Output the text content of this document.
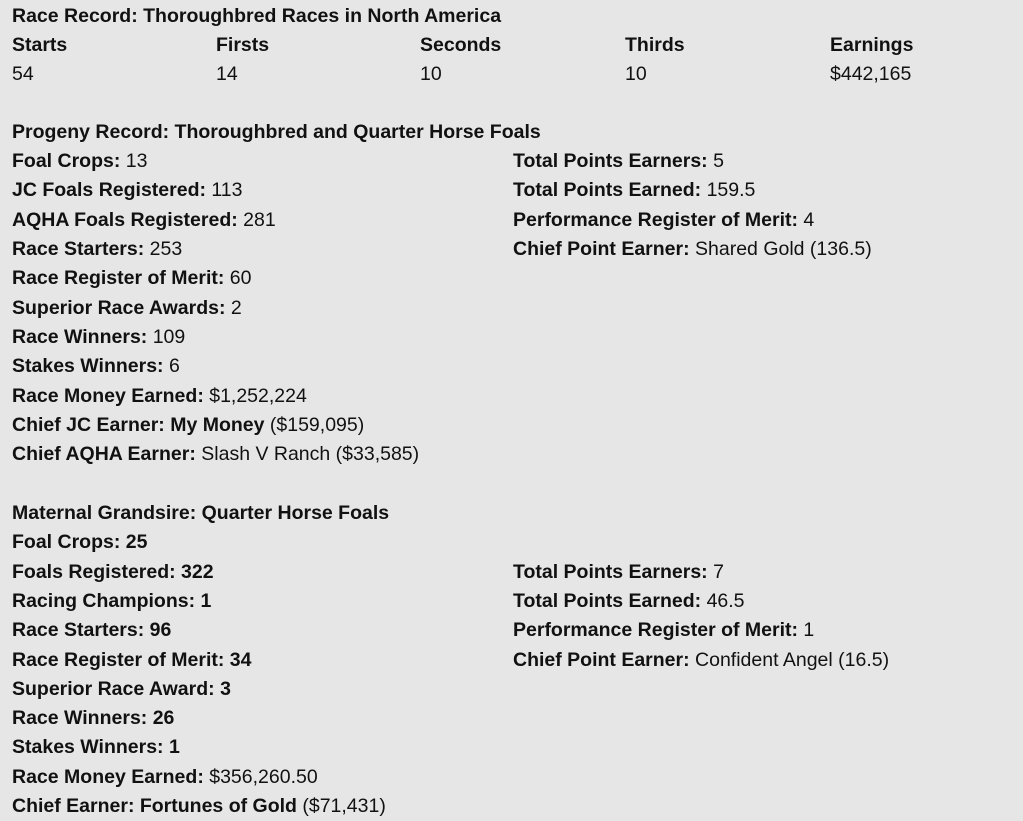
Race Record: Thoroughbred Races in North America
Starts	Firsts	Seconds	Thirds	Earnings
54	14	10	10	$442,165
Progeny Record: Thoroughbred and Quarter Horse Foals
Foal Crops: 13
JC Foals Registered: 113
AQHA Foals Registered: 281
Race Starters: 253
Race Register of Merit: 60
Superior Race Awards: 2
Race Winners: 109
Stakes Winners: 6
Race Money Earned: $1,252,224
Chief JC Earner: My Money ($159,095)
Chief AQHA Earner: Slash V Ranch ($33,585)
Total Points Earners: 5
Total Points Earned: 159.5
Performance Register of Merit: 4
Chief Point Earner: Shared Gold (136.5)
Maternal Grandsire: Quarter Horse Foals
Foal Crops: 25
Foals Registered: 322
Racing Champions: 1
Race Starters: 96
Race Register of Merit: 34
Superior Race Award: 3
Race Winners: 26
Stakes Winners: 1
Race Money Earned: $356,260.50
Chief Earner: Fortunes of Gold ($71,431)
Total Points Earners: 7
Total Points Earned: 46.5
Performance Register of Merit: 1
Chief Point Earner: Confident Angel (16.5)
